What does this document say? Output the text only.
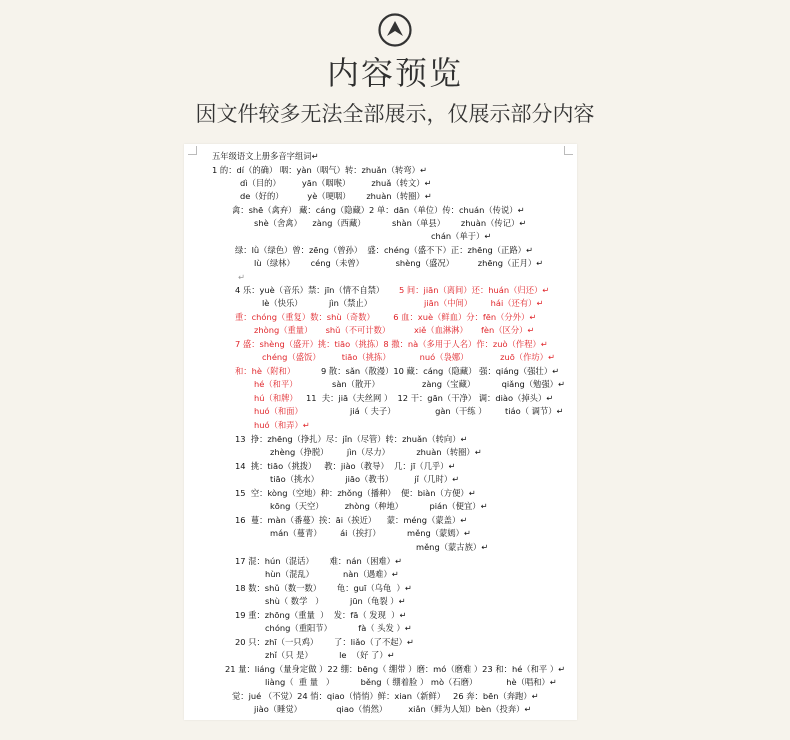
内容预览
因文件较多无法全部展示，仅展示部分内容
五年级语文上册多音字组词↵
1 的：dí（的确） 咽：yàn（咽气）转：zhuǎn（转弯）↵
dì（目的）        yān（咽喉）        zhuǎ（转文）↵
de（好的）         yè（哽咽）      zhuàn（转圈）↵
禽：shē（禽弃） 藏：cáng（隐藏）2 单：dān（单位）传：chuán（传说）↵
shè（舍禽）    zàng（西藏）          shàn（单县）      zhuàn（传记）↵
chán（单于）↵
绿：lǜ（绿色）曾：zēng（曾孙）  盛：chéng（盛不下）正：zhēng（正路）↵
lù（绿林）      céng（未曾）            shèng（盛况）         zhēng（正月）↵
↵
4 乐：yuè（音乐）禁：jīn（情不自禁） 5 间：jiān（离间）还：huán（归还）↵
lè（快乐）          jìn（禁止）	jiān（中间）       hái（还有）↵
重：chóng（重复）数：shù（奇数）       6 血：xuè（鲜血）分：fēn（分外）↵
zhòng（重量）     shǔ（不可计数）         xiě（血淋淋）     fèn（区分）↵
7 盛：shèng（盛开）挑：tiāo（挑拣）8 撒：nà（多用于人名）作：zuò（作程）↵
chéng（盛饭）        tiāo（挑拣）           nuó（袅娜）            zuō（作坊）↵
和：hè（附和）	9 散：sǎn（散漫）10 藏：cáng（隐藏） 强：qiáng（强壮）↵
hé（和平）	sàn（散开）                zàng（宝藏）          qiǎng（勉强）↵
hú（和牌） 11  夫：jiā（夫丝网 ）  12 干：gān（干净） 调：diào（掉头）↵
huó（和面）	jiá（ 夫子）               gàn（干练 ）       tiáo（ 调节）↵
huó（和弄）↵
13  挣：zhēng（挣扎）尽：jǐn（尽管）转：zhuǎn（转向）↵
zhèng（挣脱）       jìn（尽力）          zhuàn（转圈）↵
14  挑：tiāo（挑拨）   教：jiào（教导）  几：jī（几乎）↵
tiāo（挑水）          jiāo（教书）        jǐ（几时）↵
15  空：kòng（空地）种：zhǒng（播种）  便：biàn（方便）↵
kōng（天空）        zhòng（种地）          pián（便宜）↵
16  蔓：màn（番蔓）挨：āi（挨近）    蒙：méng（蒙盖）↵
mán（蔓青）       ái（挨打）          měng（蒙嫣）↵
měng（蒙古族）↵
17 混：hún（混话）      难：nán（困难）↵
hùn（混乱）           nàn（遇难）↵
18 数：shǔ（数一数）      龟：guī（乌龟  ）↵
shù（ 数学   ）          jūn（龟裂 ）↵
19 重：zhōng（重量  ）  发：fā（ 发现  ）↵
chóng（重阳节）          fà（ 头发 ）↵
20 只：zhī（一只鸡）      了：liǎo（了不起）↵
zhǐ（只 是）          le  （好 了）↵
21 量：liáng（量身定做 ）22 绷：bēng（ 绷带 ）磨：mó（磨难 ）23 和：hé（和平 ）↵
liàng（  重 量   ）          běng（ 绷着脸 ） mò（石磨）           hè（唱和）↵
觉：jué （不觉）24 悄：qiao（悄悄）鲜：xian（新鲜）   26 奔：bēn（奔跑）↵
jiào（睡觉）             qiao（悄然）        xiǎn（鲜为人知）bèn（投奔）↵
